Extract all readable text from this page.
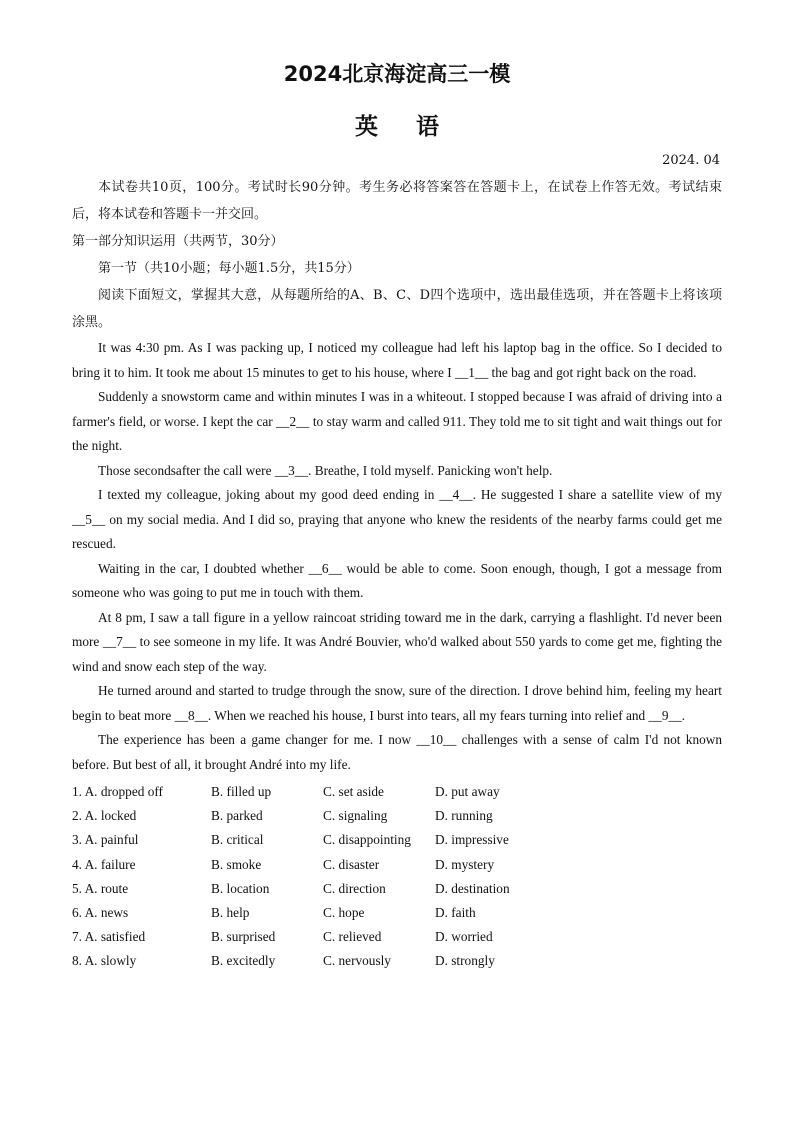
2024北京海淀高三一模
英语
2024. 04

本试卷共10页，100分。考试时长90分钟。考生务必将答案答在答题卡上，在试卷上作答无效。考试结束后，将本试卷和答题卡一并交回。

第一部分知识运用（共两节，30分）

第一节（共10小题；每小题1.5分，共15分）

阅读下面短文，掌握其大意，从每题所给的A、B、C、D四个选项中，选出最佳选项，并在答题卡上将该项涂黑。

It was 4:30 pm. As I was packing up, I noticed my colleague had left his laptop bag in the office. So I decided to bring it to him. It took me about 15 minutes to get to his house, where I __1__ the bag and got right back on the road.

Suddenly a snowstorm came and within minutes I was in a whiteout. I stopped because I was afraid of driving into a farmer's field, or worse. I kept the car __2__ to stay warm and called 911. They told me to sit tight and wait things out for the night.

Those secondsafter the call were __3__. Breathe, I told myself. Panicking won't help.

I texted my colleague, joking about my good deed ending in __4__. He suggested I share a satellite view of my __5__ on my social media. And I did so, praying that anyone who knew the residents of the nearby farms could get me rescued.

Waiting in the car, I doubted whether __6__ would be able to come. Soon enough, though, I got a message from someone who was going to put me in touch with them.

At 8 pm, I saw a tall figure in a yellow raincoat striding toward me in the dark, carrying a flashlight. I'd never been more __7__ to see someone in my life. It was André Bouvier, who'd walked about 550 yards to come get me, fighting the wind and snow each step of the way.

He turned around and started to trudge through the snow, sure of the direction. I drove behind him, feeling my heart begin to beat more __8__. When we reached his house, I burst into tears, all my fears turning into relief and __9__.

The experience has been a game changer for me. I now __10__ challenges with a sense of calm I'd not known before. But best of all, it brought André into my life.

1. A. dropped off	B. filled up	C. set aside	D. put away
2. A. locked	B. parked	C. signaling	D. running
3. A. painful	B. critical	C. disappointing	D. impressive
4. A. failure	B. smoke	C. disaster	D. mystery
5. A. route	B. location	C. direction	D. destination
6. A. news	B. help	C. hope	D. faith
7. A. satisfied	B. surprised	C. relieved	D. worried
8. A. slowly	B. excitedly	C. nervously	D. strongly
